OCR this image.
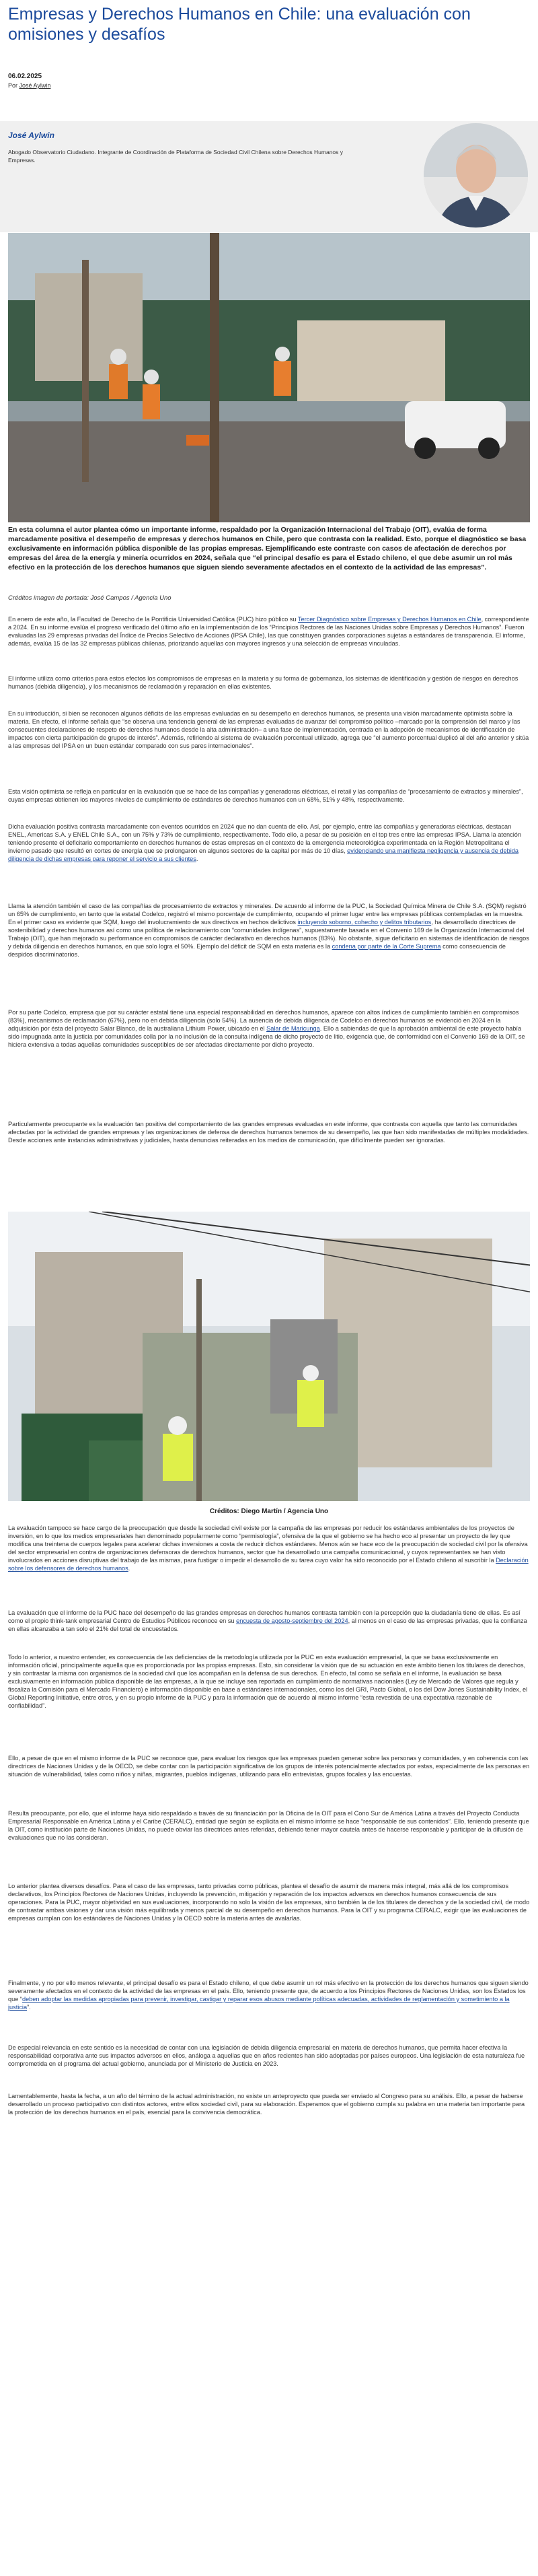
Empresas y Derechos Humanos en Chile: una evaluación con omisiones y desafíos
06.02.2025
Por José Aylwin
José Aylwin
Abogado Observatorio Ciudadano. Integrante de Coordinación de Plataforma de Sociedad Civil Chilena sobre Derechos Humanos y Empresas.
En esta columna el autor plantea cómo un importante informe, respaldado por la Organización Internacional del Trabajo (OIT), evalúa de forma marcadamente positiva el desempeño de empresas y derechos humanos en Chile, pero que contrasta con la realidad. Esto, porque el diagnóstico se basa exclusivamente en información pública disponible de las propias empresas. Ejemplificando este contraste con casos de afectación de derechos por empresas del área de la energía y minería ocurridos en 2024, señala que “el principal desafío es para el Estado chileno, el que debe asumir un rol más efectivo en la protección de los derechos humanos que siguen siendo severamente afectados en el contexto de la actividad de las empresas”.
Créditos imagen de portada: José Campos / Agencia Uno

En enero de este año, la Facultad de Derecho de la Pontificia Universidad Católica (PUC) hizo público su Tercer Diagnóstico sobre Empresas y Derechos Humanos en Chile, correspondiente a 2024. En su informe evalúa el progreso verificado del último año en la implementación de los “Principios Rectores de las Naciones Unidas sobre Empresas y Derechos Humanos”. Fueron evaluadas las 29 empresas privadas del Índice de Precios Selectivo de Acciones (IPSA Chile), las que constituyen grandes corporaciones sujetas a estándares de transparencia. El informe, además, evalúa 15 de las 32 empresas públicas chilenas, priorizando aquellas con mayores ingresos y una selección de empresas vinculadas.

El informe utiliza como criterios para estos efectos los compromisos de empresas en la materia y su forma de gobernanza, los sistemas de identificación y gestión de riesgos en derechos humanos (debida diligencia), y los mecanismos de reclamación y reparación en ellas existentes.

En su introducción, si bien se reconocen algunos déficits de las empresas evaluadas en su desempeño en derechos humanos, se presenta una visión marcadamente optimista sobre la materia. En efecto, el informe señala que “se observa una tendencia general de las empresas evaluadas de avanzar del compromiso político –marcado por la comprensión del marco y las consecuentes declaraciones de respeto de derechos humanos desde la alta administración– a una fase de implementación, centrada en la adopción de mecanismos de identificación de impactos con cierta participación de grupos de interés”. Además, refiriendo al sistema de evaluación porcentual utilizado, agrega que “el aumento porcentual duplicó al del año anterior y sitúa a las empresas del IPSA en un buen estándar comparado con sus pares internacionales”.

Esta visión optimista se refleja en particular en la evaluación que se hace de las compañías y generadoras eléctricas, el retail y las compañías de “procesamiento de extractos y minerales”, cuyas empresas obtienen los mayores niveles de cumplimiento de estándares de derechos humanos con un 68%, 51% y 48%, respectivamente.

Dicha evaluación positiva contrasta marcadamente con eventos ocurridos en 2024 que no dan cuenta de ello. Así, por ejemplo, entre las compañías y generadoras eléctricas, destacan ENEL, Americas S.A. y ENEL Chile S.A., con un 75% y 73% de cumplimiento, respectivamente. Todo ello, a pesar de su posición en el top tres entre las empresas IPSA. Llama la atención teniendo presente el deficitario comportamiento en derechos humanos de estas empresas en el contexto de la emergencia meteorológica experimentada en la Región Metropolitana el invierno pasado que resultó en cortes de energía que se prolongaron en algunos sectores de la capital por más de 10 días, evidenciando una manifiesta negligencia y ausencia de debida diligencia de dichas empresas para reponer el servicio a sus clientes.

Llama la atención también el caso de las compañías de procesamiento de extractos y minerales. De acuerdo al informe de la PUC, la Sociedad Química Minera de Chile S.A. (SQM) registró un 65% de cumplimiento, en tanto que la estatal Codelco, registró el mismo porcentaje de cumplimiento, ocupando el primer lugar entre las empresas públicas contempladas en la muestra. En el primer caso es evidente que SQM, luego del involucramiento de sus directivos en hechos delictivos incluyendo soborno, cohecho y delitos tributarios, ha desarrollado directrices de sostenibilidad y derechos humanos así como una política de relacionamiento con “comunidades indígenas”, supuestamente basada en el Convenio 169 de la Organización Internacional del Trabajo (OIT), que han mejorado su performance en compromisos de carácter declarativo en derechos humanos (83%). No obstante, sigue deficitario en sistemas de identificación de riesgos y debida diligencia en derechos humanos, en que solo logra el 50%. Ejemplo del déficit de SQM en esta materia es la condena por parte de la Corte Suprema como consecuencia de despidos discriminatorios.

Por su parte Codelco, empresa que por su carácter estatal tiene una especial responsabilidad en derechos humanos, aparece con altos índices de cumplimiento también en compromisos (83%), mecanismos de reclamación (67%), pero no en debida diligencia (solo 54%). La ausencia de debida diligencia de Codelco en derechos humanos se evidenció en 2024 en la adquisición por ésta del proyecto Salar Blanco, de la australiana Lithium Power, ubicado en el Salar de Maricunga. Ello a sabiendas de que la aprobación ambiental de este proyecto había sido impugnada ante la justicia por comunidades colla por la no inclusión de la consulta indígena de dicho proyecto de litio, exigencia que, de conformidad con el Convenio 169 de la OIT, se hiciera extensiva a todas aquellas comunidades susceptibles de ser afectadas directamente por dicho proyecto.

Particularmente preocupante es la evaluación tan positiva del comportamiento de las grandes empresas evaluadas en este informe, que contrasta con aquella que tanto las comunidades afectadas por la actividad de grandes empresas y las organizaciones de defensa de derechos humanos tenemos de su desempeño, las que han sido manifestadas de múltiples modalidades. Desde acciones ante instancias administrativas y judiciales, hasta denuncias reiteradas en los medios de comunicación, que difícilmente pueden ser ignoradas.

Créditos: Diego Martín / Agencia Uno

La evaluación tampoco se hace cargo de la preocupación que desde la sociedad civil existe por la campaña de las empresas por reducir los estándares ambientales de los proyectos de inversión, en lo que los medios empresariales han denominado popularmente como “permisología”, ofensiva de la que el gobierno se ha hecho eco al presentar un proyecto de ley que modifica una treintena de cuerpos legales para acelerar dichas inversiones a costa de reducir dichos estándares. Menos aún se hace eco de la preocupación de sociedad civil por la ofensiva del sector empresarial en contra de organizaciones defensoras de derechos humanos, sector que ha desarrollado una campaña comunicacional, y cuyos representantes se han visto involucrados en acciones disruptivas del trabajo de las mismas, para fustigar o impedir el desarrollo de su tarea cuyo valor ha sido reconocido por el Estado chileno al suscribir la Declaración sobre los defensores de derechos humanos.

La evaluación que el informe de la PUC hace del desempeño de las grandes empresas en derechos humanos contrasta también con la percepción que la ciudadanía tiene de ellas. Es así como el propio think-tank empresarial Centro de Estudios Públicos reconoce en su encuesta de agosto-septiembre del 2024, al menos en el caso de las empresas privadas, que la confianza en ellas alcanzaba a tan solo el 21% del total de encuestados.

Todo lo anterior, a nuestro entender, es consecuencia de las deficiencias de la metodología utilizada por la PUC en esta evaluación empresarial, la que se basa exclusivamente en información oficial, principalmente aquella que es proporcionada por las propias empresas. Esto, sin considerar la visión que de su actuación en este ámbito tienen los titulares de derechos, y sin contrastar la misma con organismos de la sociedad civil que los acompañan en la defensa de sus derechos. En efecto, tal como se señala en el informe, la evaluación se basa exclusivamente en información pública disponible de las empresas, a la que se incluye sea reportada en cumplimiento de normativas nacionales (Ley de Mercado de Valores que regula y fiscaliza la Comisión para el Mercado Financiero) e información disponible en base a estándares internacionales, como los del GRI, Pacto Global, o los del Dow Jones Sustainability Index, el Global Reporting Initiative, entre otros, y en su propio informe de la PUC y para la información que de acuerdo al mismo informe “esta revestida de una expectativa razonable de confiabilidad”.

Ello, a pesar de que en el mismo informe de la PUC se reconoce que, para evaluar los riesgos que las empresas pueden generar sobre las personas y comunidades, y en coherencia con las directrices de Naciones Unidas y de la OECD, se debe contar con la participación significativa de los grupos de interés potencialmente afectados por estas, especialmente de las personas en situación de vulnerabilidad, tales como niños y niñas, migrantes, pueblos indígenas, utilizando para ello entrevistas, grupos focales y las encuestas.

Resulta preocupante, por ello, que el informe haya sido respaldado a través de su financiación por la Oficina de la OIT para el Cono Sur de América Latina a través del Proyecto Conducta Empresarial Responsable en América Latina y el Caribe (CERALC), entidad que según se explicita en el mismo informe se hace “responsable de sus contenidos”. Ello, teniendo presente que la OIT, como institución parte de Naciones Unidas, no puede obviar las directrices antes referidas, debiendo tener mayor cautela antes de hacerse responsable y participar de la difusión de evaluaciones que no las consideran.

Lo anterior plantea diversos desafíos. Para el caso de las empresas, tanto privadas como públicas, plantea el desafío de asumir de manera más integral, más allá de los compromisos declarativos, los Principios Rectores de Naciones Unidas, incluyendo la prevención, mitigación y reparación de los impactos adversos en derechos humanos consecuencia de sus operaciones. Para la PUC, mayor objetividad en sus evaluaciones, incorporando no solo la visión de las empresas, sino también la de los titulares de derechos y de la sociedad civil, de modo de contrastar ambas visiones y dar una visión más equilibrada y menos parcial de su desempeño en derechos humanos. Para la OIT y su programa CERALC, exigir que las evaluaciones de empresas cumplan con los estándares de Naciones Unidas y la OECD sobre la materia antes de avalarlas.

Finalmente, y no por ello menos relevante, el principal desafío es para el Estado chileno, el que debe asumir un rol más efectivo en la protección de los derechos humanos que siguen siendo severamente afectados en el contexto de la actividad de las empresas en el país. Ello, teniendo presente que, de acuerdo a los Principios Rectores de Naciones Unidas, son los Estados los que “deben adoptar las medidas apropiadas para prevenir, investigar, castigar y reparar esos abusos mediante políticas adecuadas, actividades de reglamentación y sometimiento a la justicia”.

De especial relevancia en este sentido es la necesidad de contar con una legislación de debida diligencia empresarial en materia de derechos humanos, que permita hacer efectiva la responsabilidad corporativa ante sus impactos adversos en ellos, análoga a aquellas que en años recientes han sido adoptadas por países europeos. Una legislación de esta naturaleza fue comprometida en el programa del actual gobierno, anunciada por el Ministerio de Justicia en 2023.

Lamentablemente, hasta la fecha, a un año del término de la actual administración, no existe un anteproyecto que pueda ser enviado al Congreso para su análisis. Ello, a pesar de haberse desarrollado un proceso participativo con distintos actores, entre ellos sociedad civil, para su elaboración. Esperamos que el gobierno cumpla su palabra en una materia tan importante para la protección de los derechos humanos en el país, esencial para la convivencia democrática.
